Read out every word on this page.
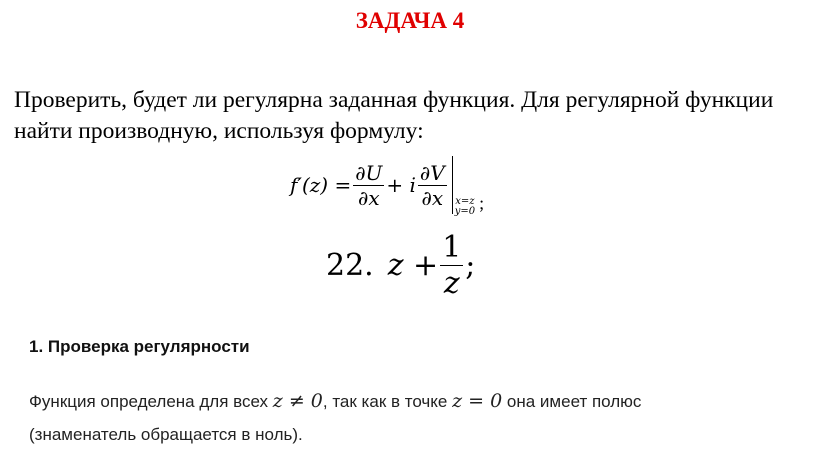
ЗАДАЧА 4

Проверить, будет ли регулярна заданная функция. Для регулярной функции

найти производную, используя формулу:

$f'(z) = \frac{\partial U}{\partial x} + i \frac{\partial V}{\partial x} x=z$
y=0 ;
22. $z + \frac{1}{z}$ ;
1. Проверка регулярности

Функция определена для всех z ≠ 0, так как в точке z = 0 она имеет полюс

(знаменатель обращается в ноль).
